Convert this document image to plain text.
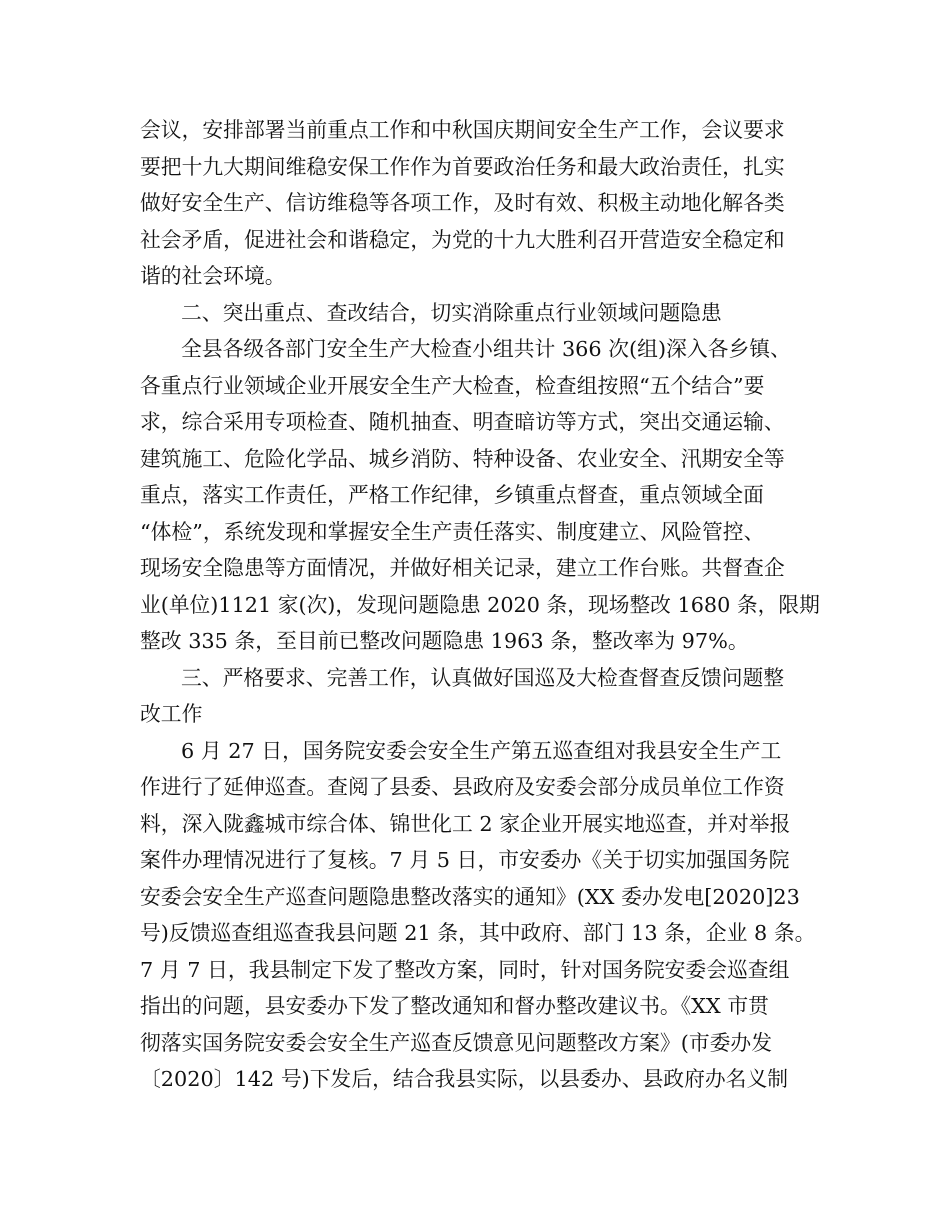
会议，安排部署当前重点工作和中秋国庆期间安全生产工作，会议要求
要把十九大期间维稳安保工作作为首要政治任务和最大政治责任，扎实
做好安全生产、信访维稳等各项工作，及时有效、积极主动地化解各类
社会矛盾，促进社会和谐稳定，为党的十九大胜利召开营造安全稳定和
谐的社会环境。
二、突出重点、查改结合，切实消除重点行业领域问题隐患
全县各级各部门安全生产大检查小组共计 366 次(组)深入各乡镇、
各重点行业领域企业开展安全生产大检查，检查组按照“五个结合”要
求，综合采用专项检查、随机抽查、明查暗访等方式，突出交通运输、
建筑施工、危险化学品、城乡消防、特种设备、农业安全、汛期安全等
重点，落实工作责任，严格工作纪律，乡镇重点督查，重点领域全面
“体检”，系统发现和掌握安全生产责任落实、制度建立、风险管控、
现场安全隐患等方面情况，并做好相关记录，建立工作台账。共督查企
业(单位)1121 家(次)，发现问题隐患 2020 条，现场整改 1680 条，限期
整改 335 条，至目前已整改问题隐患 1963 条，整改率为 97%。
三、严格要求、完善工作，认真做好国巡及大检查督查反馈问题整
改工作
6 月 27 日，国务院安委会安全生产第五巡查组对我县安全生产工
作进行了延伸巡查。查阅了县委、县政府及安委会部分成员单位工作资
料，深入陇鑫城市综合体、锦世化工 2 家企业开展实地巡查，并对举报
案件办理情况进行了复核。7 月 5 日，市安委办《关于切实加强国务院
安委会安全生产巡查问题隐患整改落实的通知》(XX 委办发电[2020]23
号)反馈巡查组巡查我县问题 21 条，其中政府、部门 13 条，企业 8 条。
7 月 7 日，我县制定下发了整改方案，同时，针对国务院安委会巡查组
指出的问题，县安委办下发了整改通知和督办整改建议书。《XX 市贯
彻落实国务院安委会安全生产巡查反馈意见问题整改方案》(市委办发
〔2020〕142 号)下发后，结合我县实际，以县委办、县政府办名义制
